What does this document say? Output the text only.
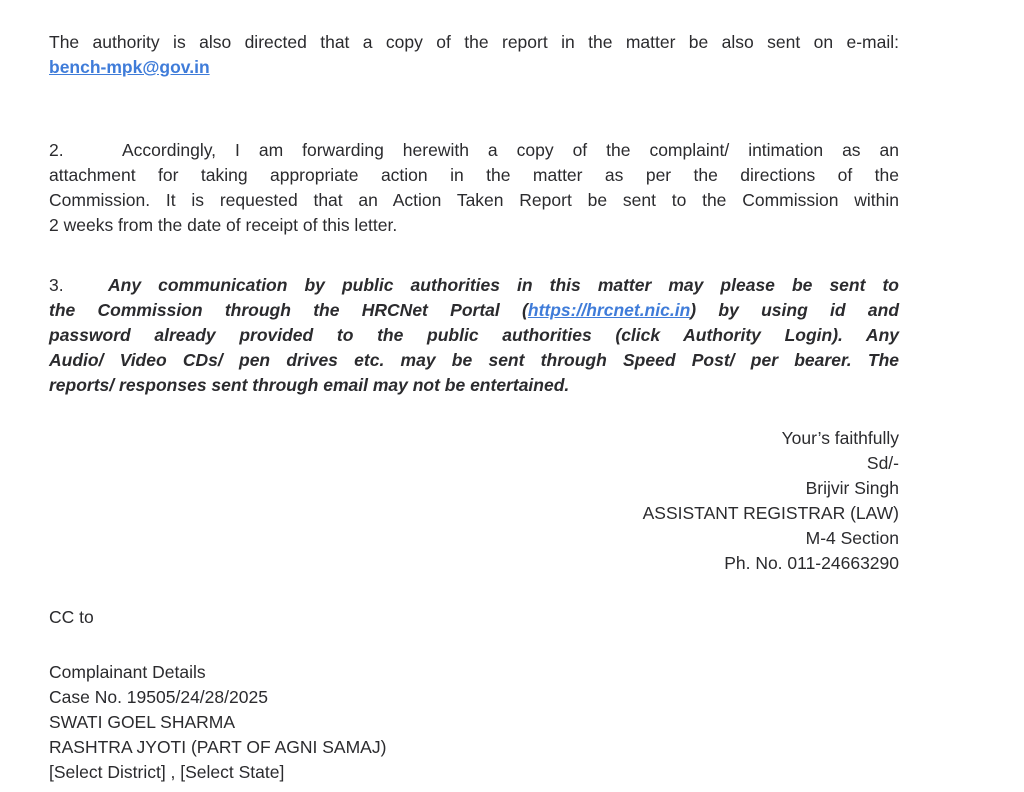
The authority is also directed that a copy of the report in the matter be also sent on e-mail:
bench-mpk@gov.in
2.	Accordingly, I am forwarding herewith a copy of the complaint/ intimation as an
attachment for taking appropriate action in the matter as per the directions of the
Commission. It is requested that an Action Taken Report be sent to the Commission within
2 weeks from the date of receipt of this letter.
3.	Any communication by public authorities in this matter may please be sent to
the Commission through the HRCNet Portal (https://hrcnet.nic.in) by using id and
password already provided to the public authorities (click Authority Login). Any
Audio/ Video CDs/ pen drives etc. may be sent through Speed Post/ per bearer. The
reports/ responses sent through email may not be entertained.
Your’s faithfully
Sd/-
Brijvir Singh
ASSISTANT REGISTRAR (LAW)
M-4 Section
Ph. No. 011-24663290
CC to
Complainant Details
Case No. 19505/24/28/2025
SWATI GOEL SHARMA
RASHTRA JYOTI (PART OF AGNI SAMAJ)
[Select District] , [Select State]
